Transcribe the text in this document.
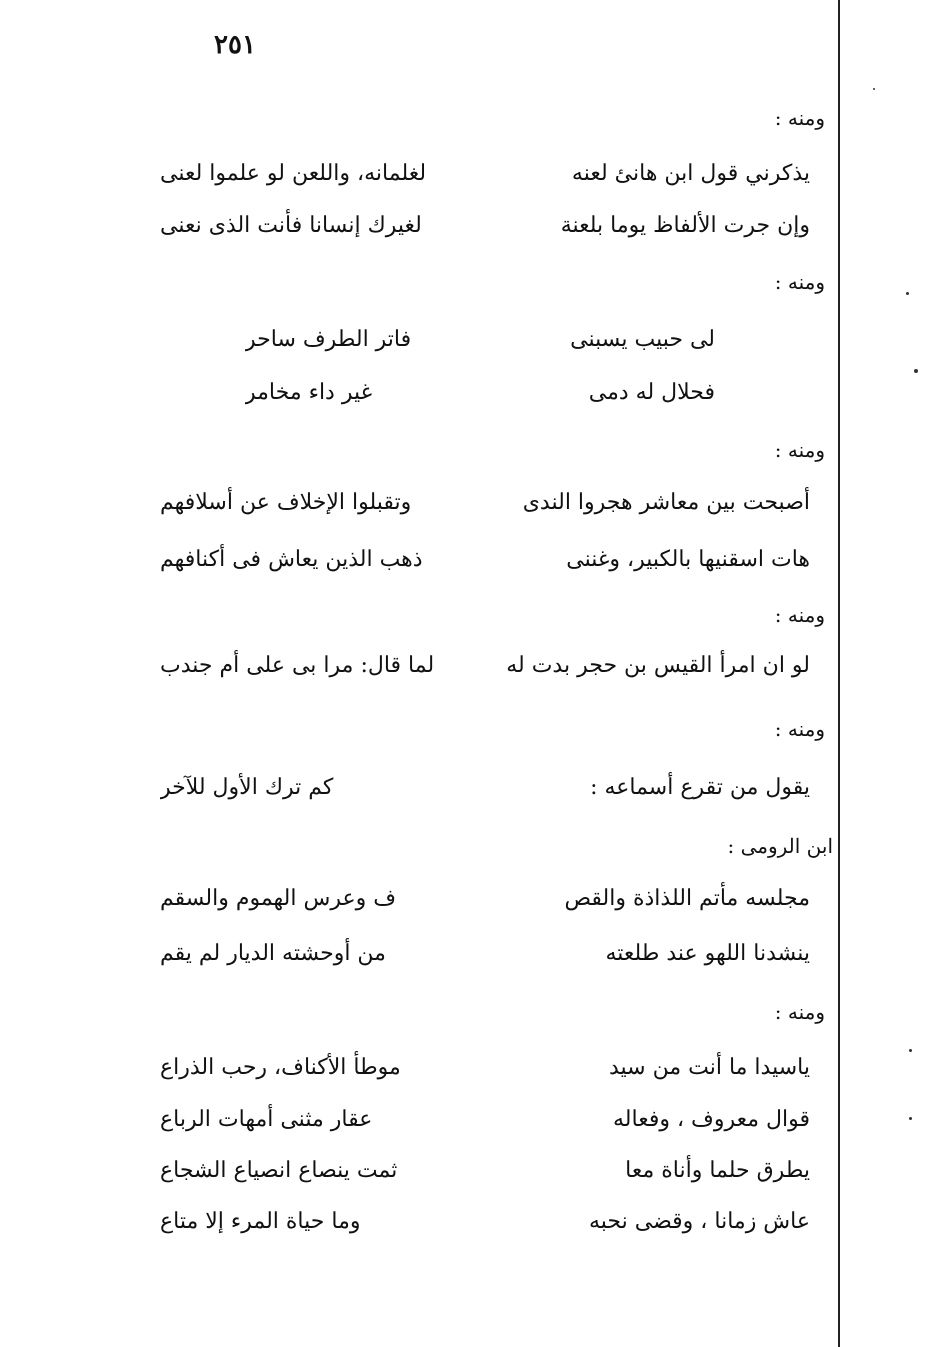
٢٥١
ومنه :
يذكرني قول ابن هانئ لعنه
لغلمانه، واللعن لو علموا لعنى
وإن جرت الألفاظ يوما بلعنة
لغيرك إنسانا فأنت الذى نعنى
ومنه :
لى حبيب يسبنى
فاتر الطرف ساحر
فحلال له دمى
غير داء مخامر
ومنه :
أصبحت بين معاشر هجروا الندى
وتقبلوا الإخلاف عن أسلافهم
هات اسقنيها بالكبير، وغننى
ذهب الذين يعاش فى أكنافهم
ومنه :
لو ان امرأ القيس بن حجر بدت له
لما قال: مرا بى على أم جندب
ومنه :
يقول من تقرع أسماعه :
كم ترك الأول للآخر
ابن الرومى :
مجلسه مأتم اللذاذة والقص
ف وعرس الهموم والسقم
ينشدنا اللهو عند طلعته
من أوحشته الديار لم يقم
ومنه :
ياسيدا ما أنت من سيد
موطأ الأكناف، رحب الذراع
قوال معروف ، وفعاله
عقار مثنى أمهات الرباع
يطرق حلما وأناة معا
ثمت ينصاع انصياع الشجاع
عاش زمانا ، وقضى نحبه
وما حياة المرء إلا متاع
